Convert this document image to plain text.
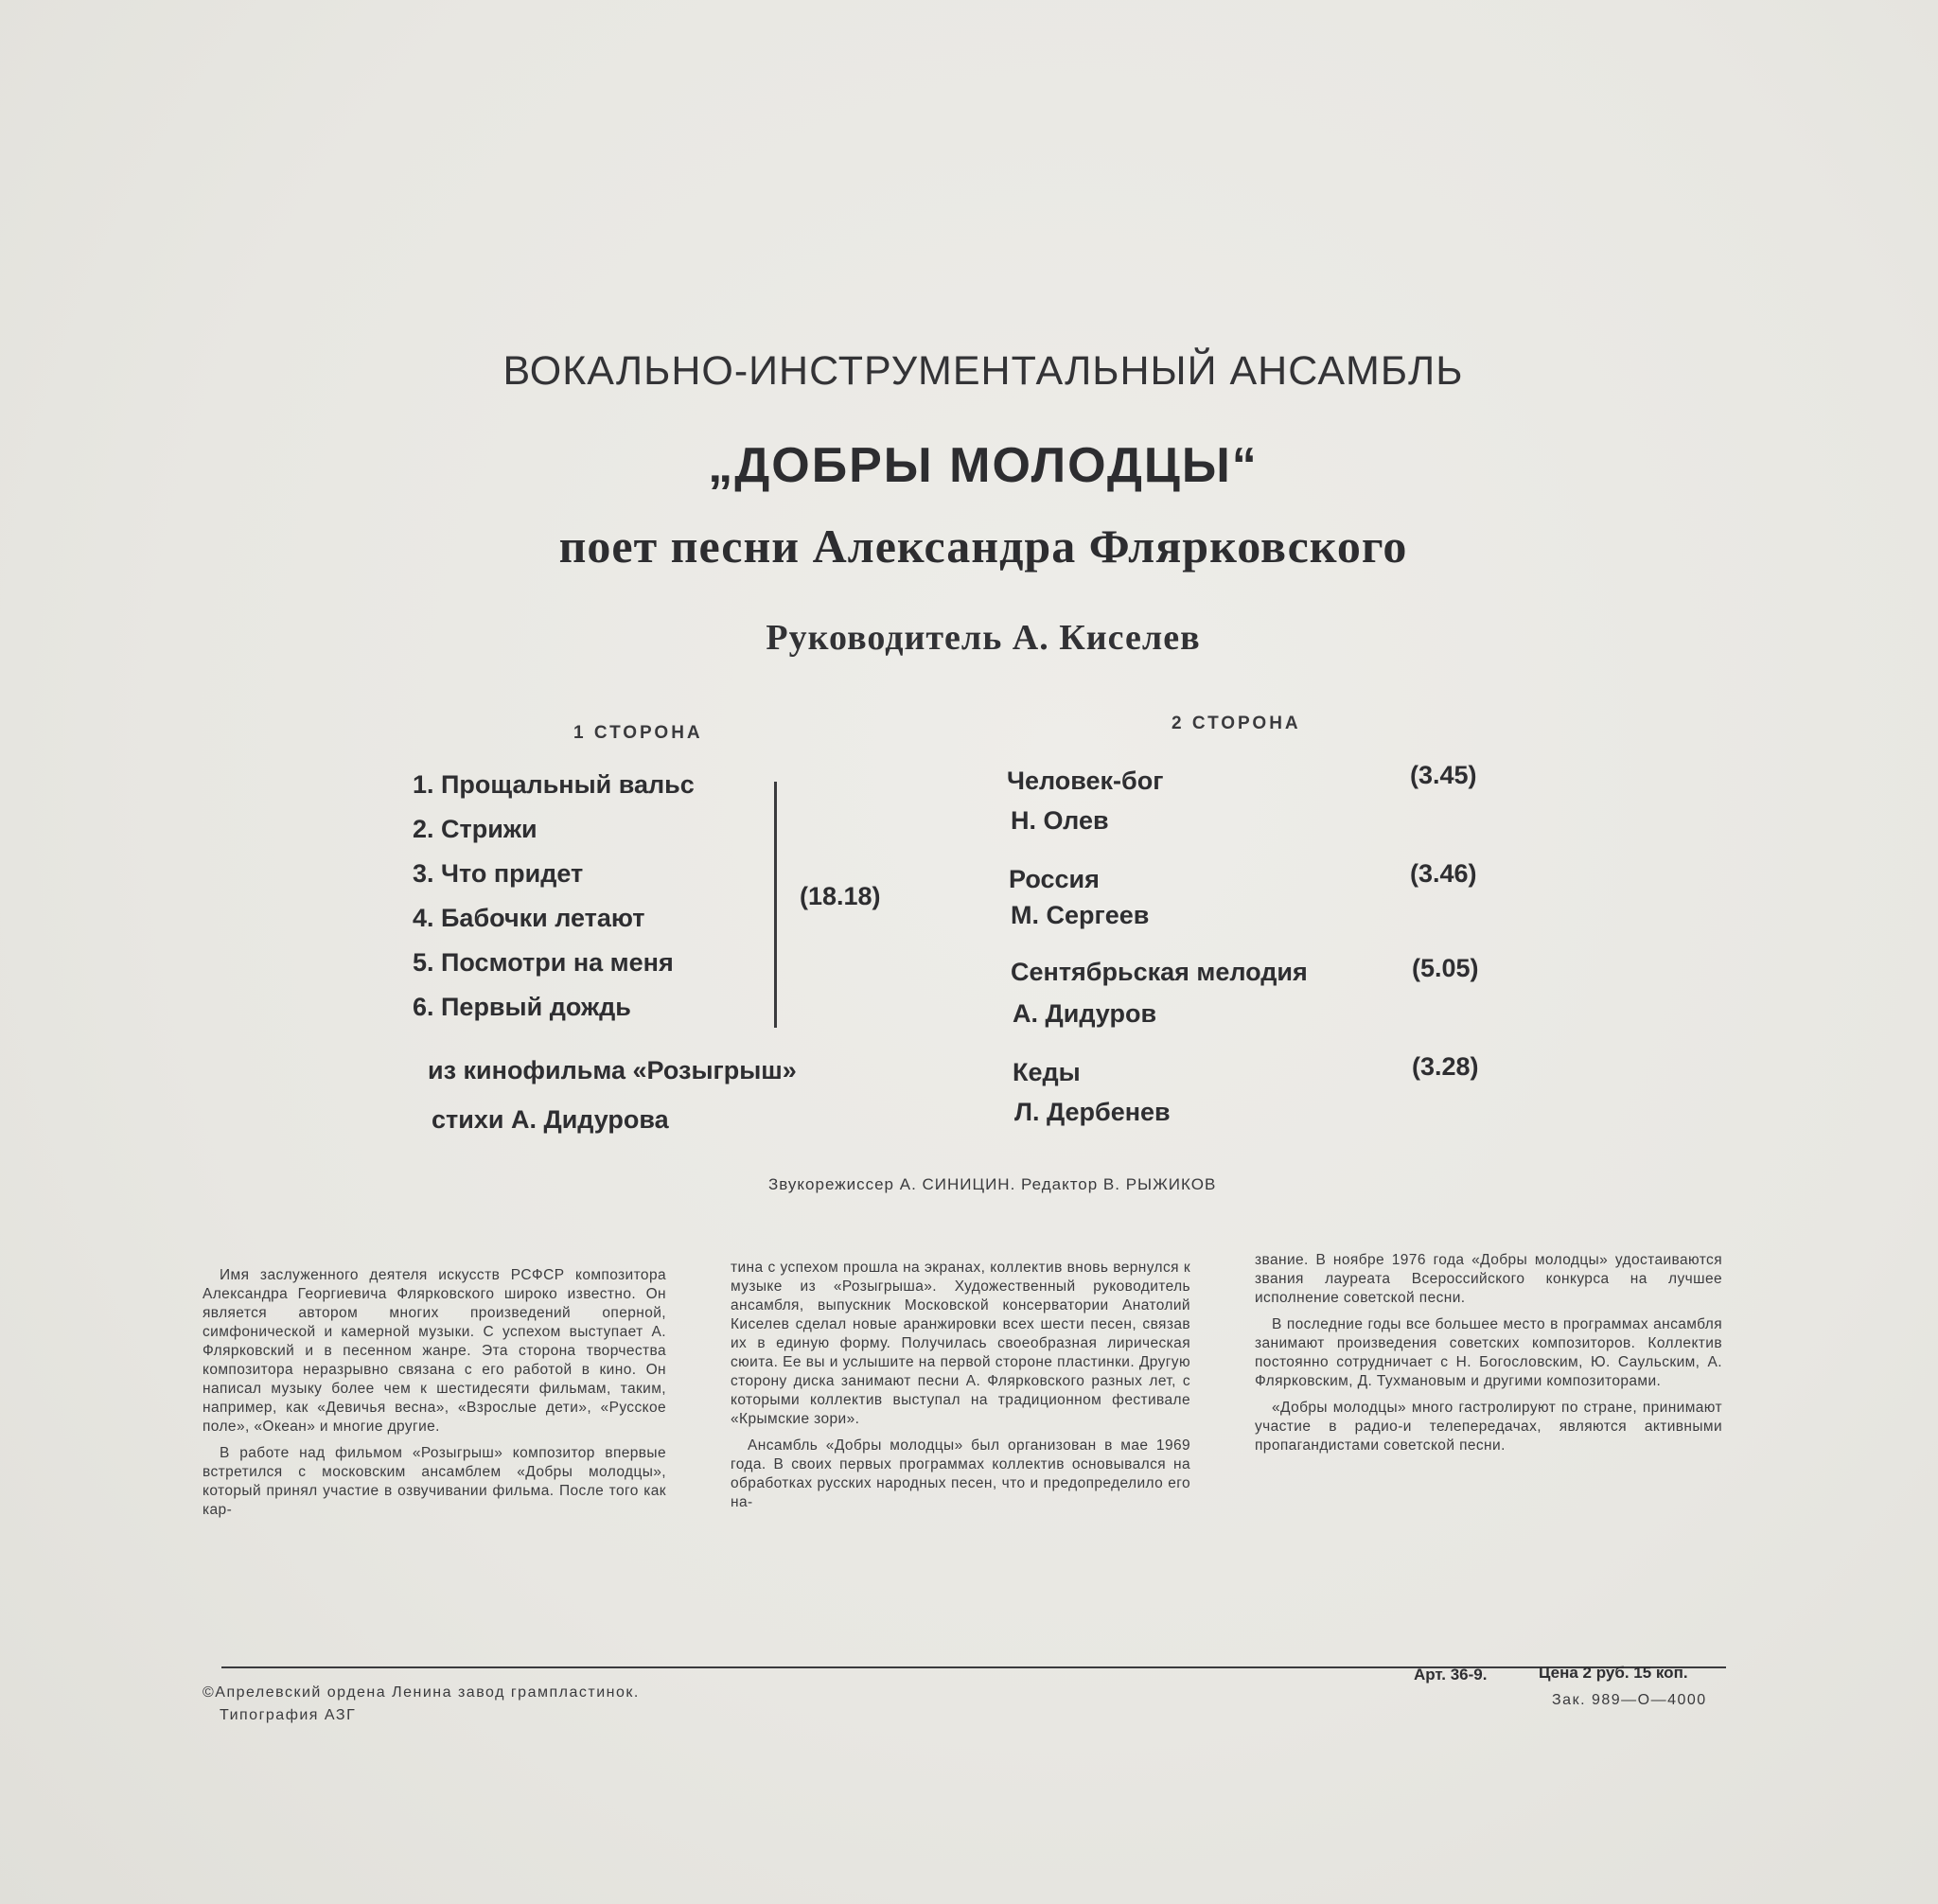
ВОКАЛЬНО-ИНСТРУМЕНТАЛЬНЫЙ АНСАМБЛЬ
„ДОБРЫ МОЛОДЦЫ“
поет песни Александра Флярковского
Руководитель А. Киселев
1 СТОРОНА
1. Прощальный вальс
2. Стрижи
3. Что придет
4. Бабочки летают
5. Посмотри на меня
6. Первый дождь
(18.18)
из кинофильма «Розыгрыш»
стихи А. Дидурова
2 СТОРОНА
Человек-бог	(3.45)
Н. Олев
Россия	(3.46)
М. Сергеев
Сентябрьская мелодия	(5.05)
А. Дидуров
Кеды	(3.28)
Л. Дербенев
Звукорежиссер А. СИНИЦИН. Редактор В. РЫЖИКОВ

Имя заслуженного деятеля искусств РСФСР композитора Александра Георгиевича Флярковского широко известно. Он является автором многих произведений оперной, симфонической и камерной музыки. С успехом выступает А. Флярковский и в песенном жанре. Эта сторона творчества композитора неразрывно связана с его работой в кино. Он написал музыку более чем к шестидесяти фильмам, таким, например, как «Девичья весна», «Взрослые дети», «Русское поле», «Океан» и многие другие.

В работе над фильмом «Розыгрыш» композитор впервые встретился с московским ансамблем «Добры молодцы», который принял участие в озвучивании фильма. После того как кар-

тина с успехом прошла на экранах, коллектив вновь вернулся к музыке из «Розыгрыша». Художественный руководитель ансамбля, выпускник Московской консерватории Анатолий Киселев сделал новые аранжировки всех шести песен, связав их в единую форму. Получилась своеобразная лирическая сюита. Ее вы и услышите на первой стороне пластинки. Другую сторону диска занимают песни А. Флярковского разных лет, с которыми коллектив выступал на традиционном фестивале «Крымские зори».

Ансамбль «Добры молодцы» был организован в мае 1969 года. В своих первых программах коллектив основывался на обработках русских народных песен, что и предопределило его на-

звание. В ноябре 1976 года «Добры молодцы» удостаиваются звания лауреата Всероссийского конкурса на лучшее исполнение советской песни.

В последние годы все большее место в программах ансамбля занимают произведения советских композиторов. Коллектив постоянно сотрудничает с Н. Богословским, Ю. Саульским, А. Флярковским, Д. Тухмановым и другими композиторами.

«Добры молодцы» много гастролируют по стране, принимают участие в радио-и телепередачах, являются активными пропагандистами советской песни.

©Апрелевский ордена Ленина завод грампластинок.
Типография АЗГ
Арт. 36-9.	Цена 2 руб. 15 коп.
Зак. 989—О—4000
